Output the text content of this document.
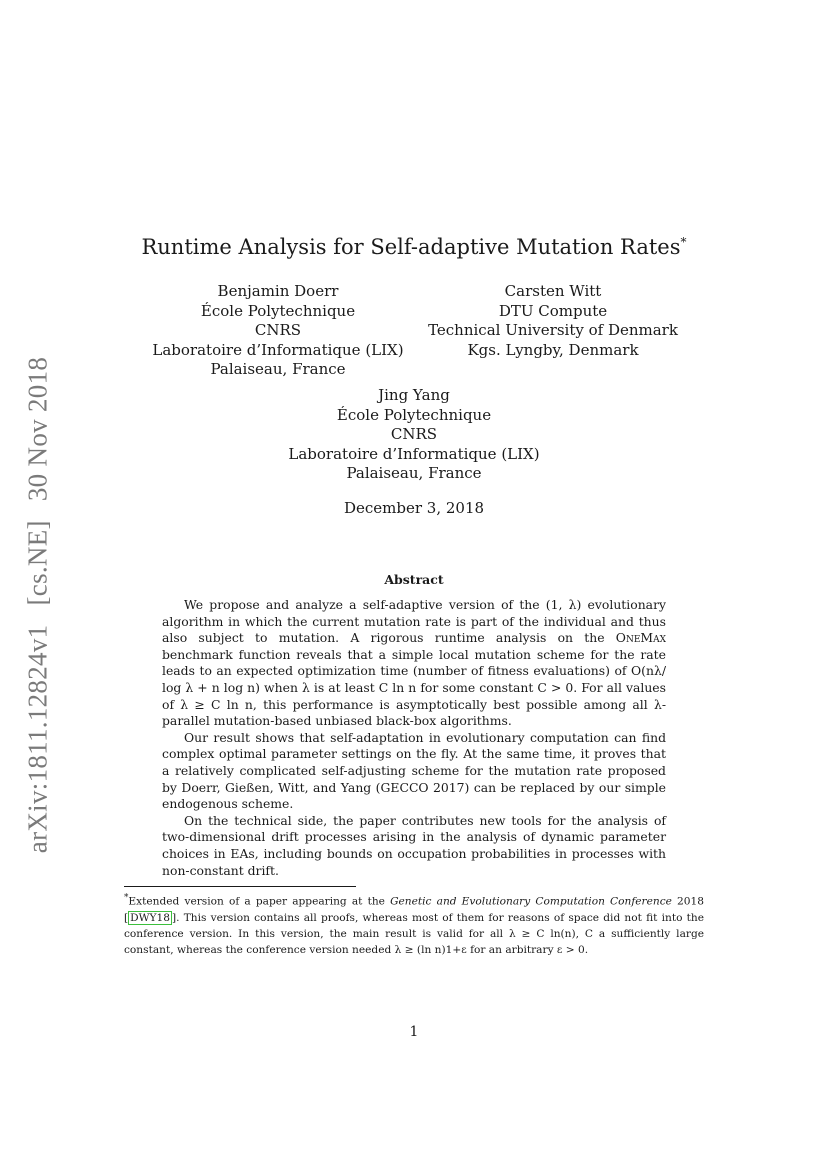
arXiv:1811.12824v1 [cs.NE] 30 Nov 2018
Runtime Analysis for Self-adaptive Mutation Rates*
Benjamin Doerr
École Polytechnique
CNRS
Laboratoire d’Informatique (LIX)
Palaiseau, France
Carsten Witt
DTU Compute
Technical University of Denmark
Kgs. Lyngby, Denmark
Jing Yang
École Polytechnique
CNRS
Laboratoire d’Informatique (LIX)
Palaiseau, France
December 3, 2018
Abstract

We propose and analyze a self-adaptive version of the (1, λ) evolutionary algorithm in which the current mutation rate is part of the individual and thus also subject to mutation. A rigorous runtime analysis on the OneMax benchmark function reveals that a simple local mutation scheme for the rate leads to an expected optimization time (number of fitness evaluations) of O(nλ/ log λ + n log n) when λ is at least C ln n for some constant C > 0. For all values of λ ≥ C ln n, this performance is asymptotically best possible among all λ-parallel mutation-based unbiased black-box algorithms.

Our result shows that self-adaptation in evolutionary computation can find complex optimal parameter settings on the fly. At the same time, it proves that a relatively complicated self-adjusting scheme for the mutation rate proposed by Doerr, Gießen, Witt, and Yang (GECCO 2017) can be replaced by our simple endogenous scheme.

On the technical side, the paper contributes new tools for the analysis of two-dimensional drift processes arising in the analysis of dynamic parameter choices in EAs, including bounds on occupation probabilities in processes with non-constant drift.

*Extended version of a paper appearing at the Genetic and Evolutionary Computation Conference 2018 [ DWY18 ]. This version contains all proofs, whereas most of them for reasons of space did not fit into the conference version. In this version, the main result is valid for all λ ≥ C ln(n), C a sufficiently large constant, whereas the conference version needed λ ≥ (ln n)1+ε for an arbitrary ε > 0.
1
